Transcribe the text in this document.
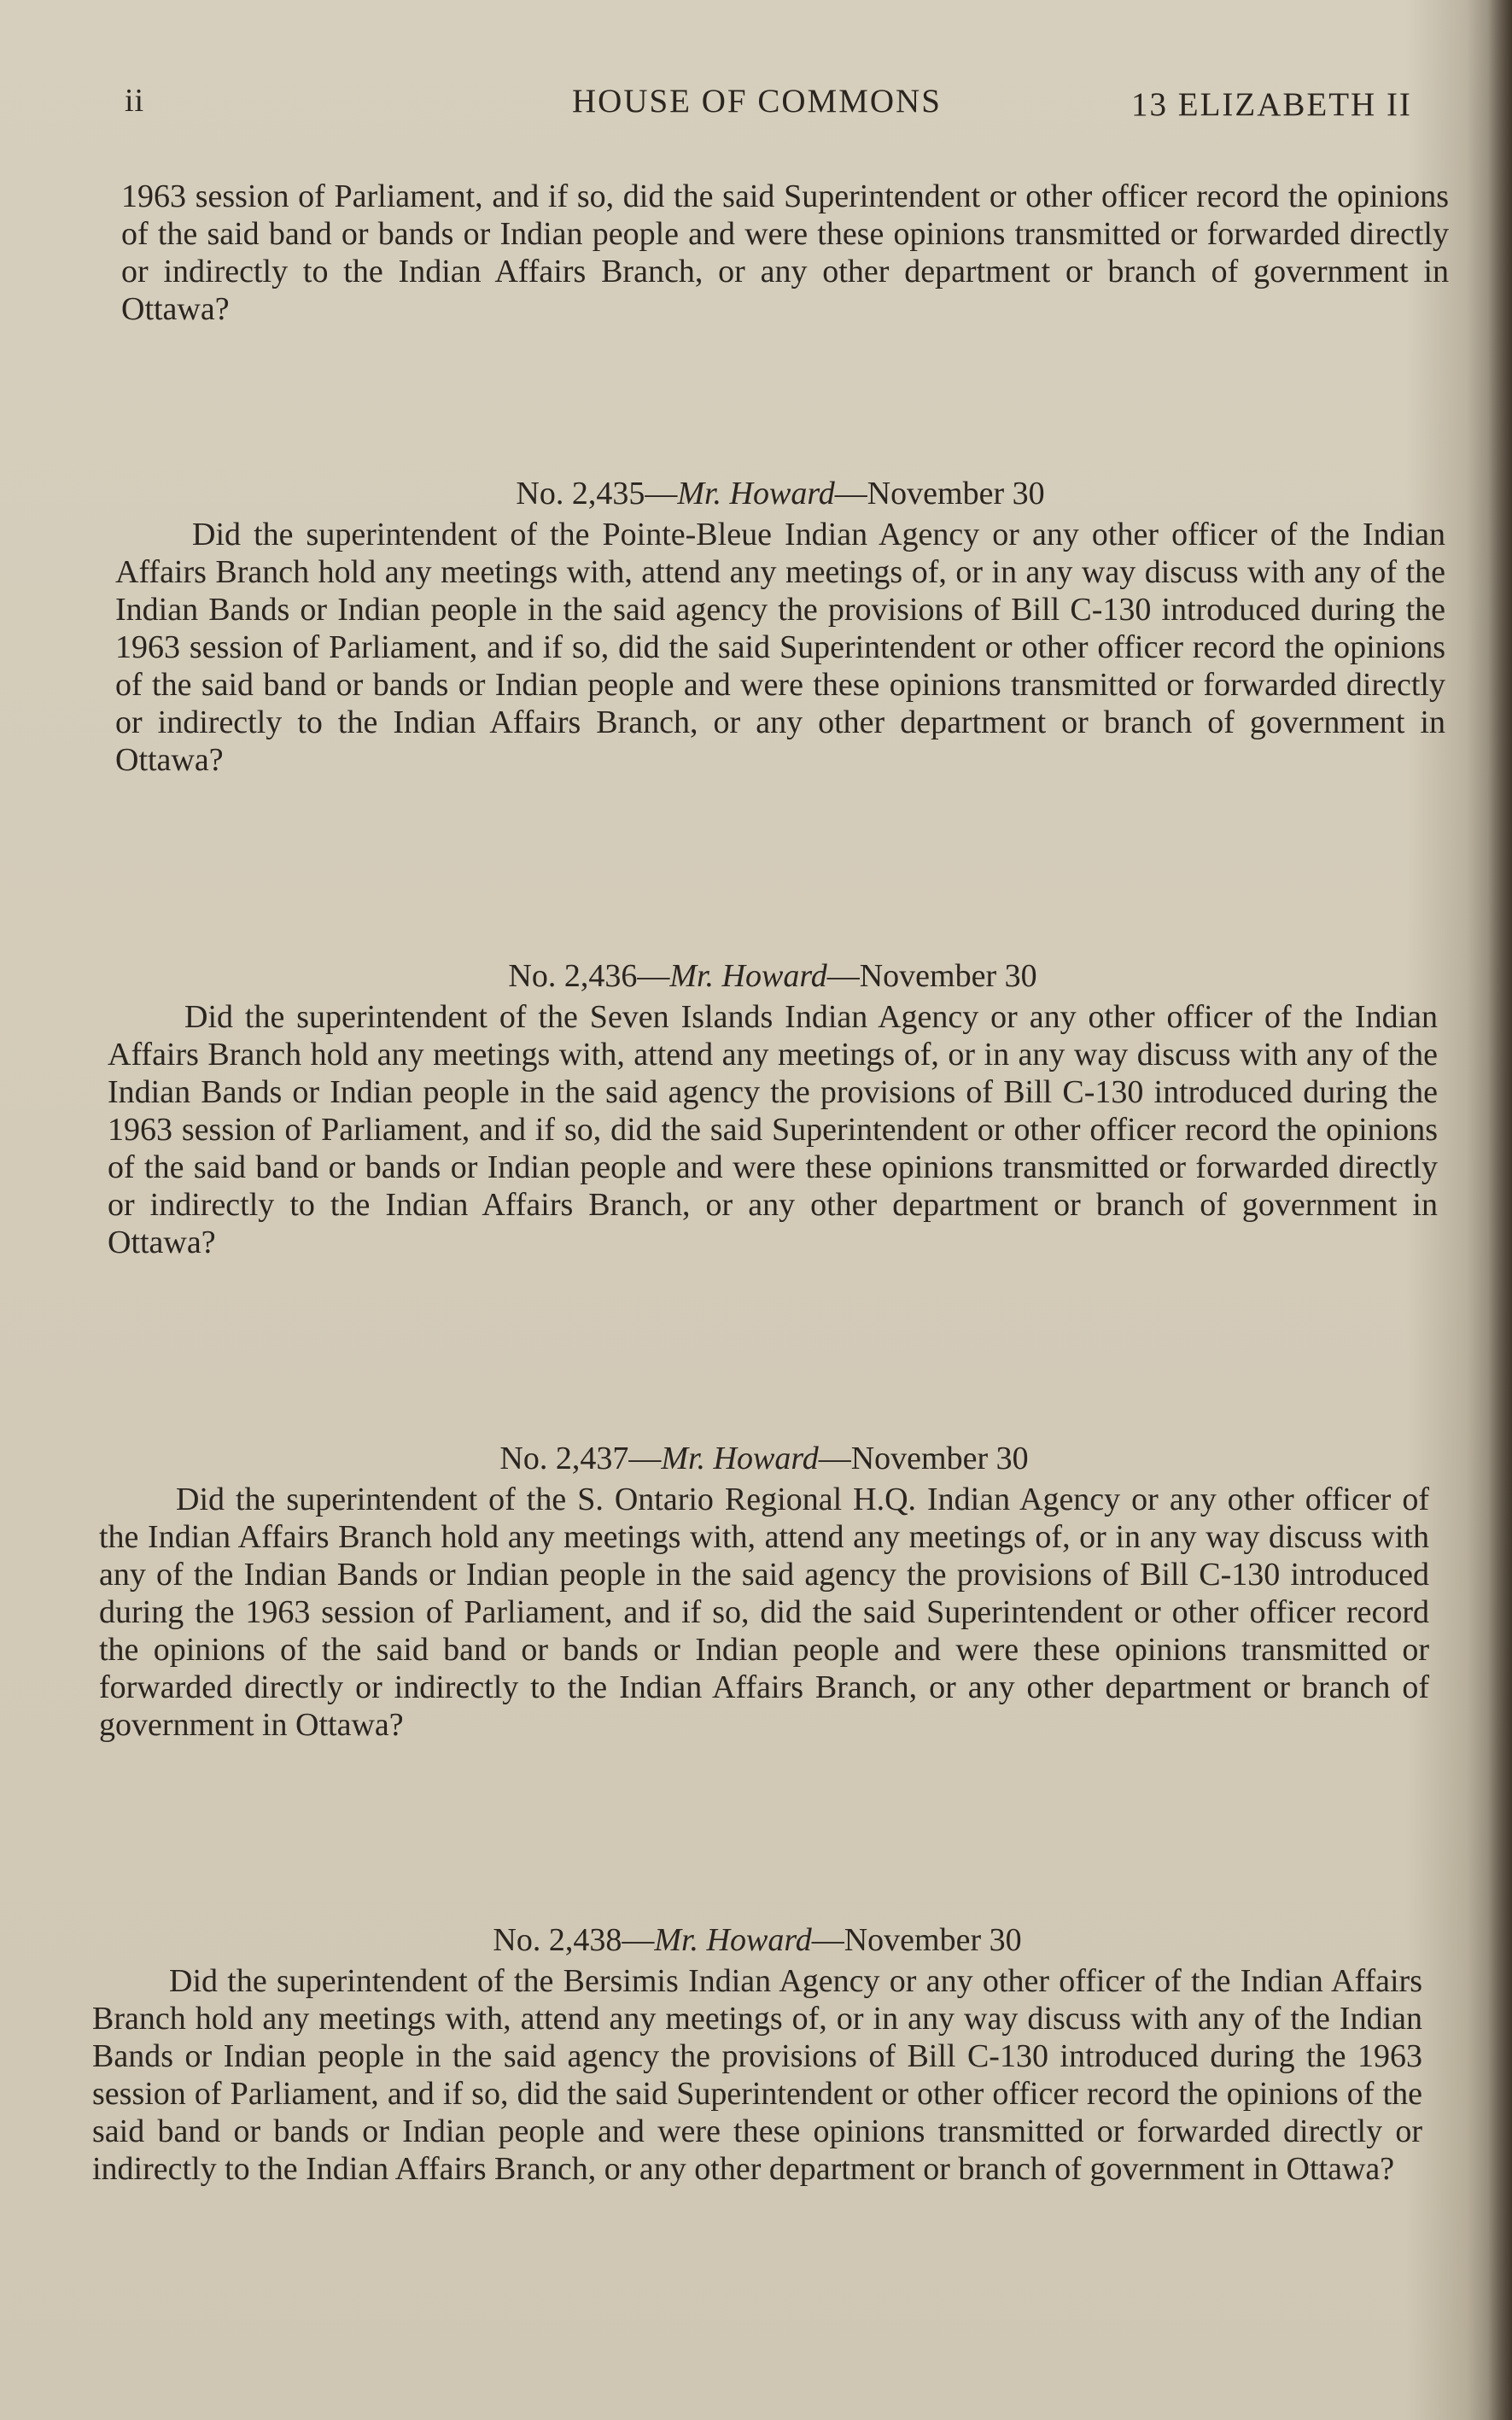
ii	HOUSE OF COMMONS	13 ELIZABETH II
1963 session of Parliament, and if so, did the said Superintendent or other officer record the opinions of the said band or bands or Indian people and were these opinions transmitted or forwarded directly or indirectly to the Indian Affairs Branch, or any other department or branch of government in Ottawa?
No. 2,435—Mr. Howard—November 30
Did the superintendent of the Pointe-Bleue Indian Agency or any other officer of the Indian Affairs Branch hold any meetings with, attend any meetings of, or in any way discuss with any of the Indian Bands or Indian people in the said agency the provisions of Bill C-130 introduced during the 1963 session of Parliament, and if so, did the said Superintendent or other officer record the opinions of the said band or bands or Indian people and were these opinions transmitted or forwarded directly or indirectly to the Indian Affairs Branch, or any other department or branch of government in Ottawa?
No. 2,436—Mr. Howard—November 30
Did the superintendent of the Seven Islands Indian Agency or any other officer of the Indian Affairs Branch hold any meetings with, attend any meetings of, or in any way discuss with any of the Indian Bands or Indian people in the said agency the provisions of Bill C-130 introduced during the 1963 session of Parliament, and if so, did the said Superintendent or other officer record the opinions of the said band or bands or Indian people and were these opinions transmitted or forwarded directly or indirectly to the Indian Affairs Branch, or any other department or branch of government in Ottawa?
No. 2,437—Mr. Howard—November 30
Did the superintendent of the S. Ontario Regional H.Q. Indian Agency or any other officer of the Indian Affairs Branch hold any meetings with, attend any meetings of, or in any way discuss with any of the Indian Bands or Indian people in the said agency the provisions of Bill C-130 introduced during the 1963 session of Parliament, and if so, did the said Superintendent or other officer record the opinions of the said band or bands or Indian people and were these opinions transmitted or forwarded directly or indirectly to the Indian Affairs Branch, or any other department or branch of government in Ottawa?
No. 2,438—Mr. Howard—November 30
Did the superintendent of the Bersimis Indian Agency or any other officer of the Indian Affairs Branch hold any meetings with, attend any meetings of, or in any way discuss with any of the Indian Bands or Indian people in the said agency the provisions of Bill C-130 introduced during the 1963 session of Parliament, and if so, did the said Superintendent or other officer record the opinions of the said band or bands or Indian people and were these opinions transmitted or forwarded directly or indirectly to the Indian Affairs Branch, or any other department or branch of government in Ottawa?
